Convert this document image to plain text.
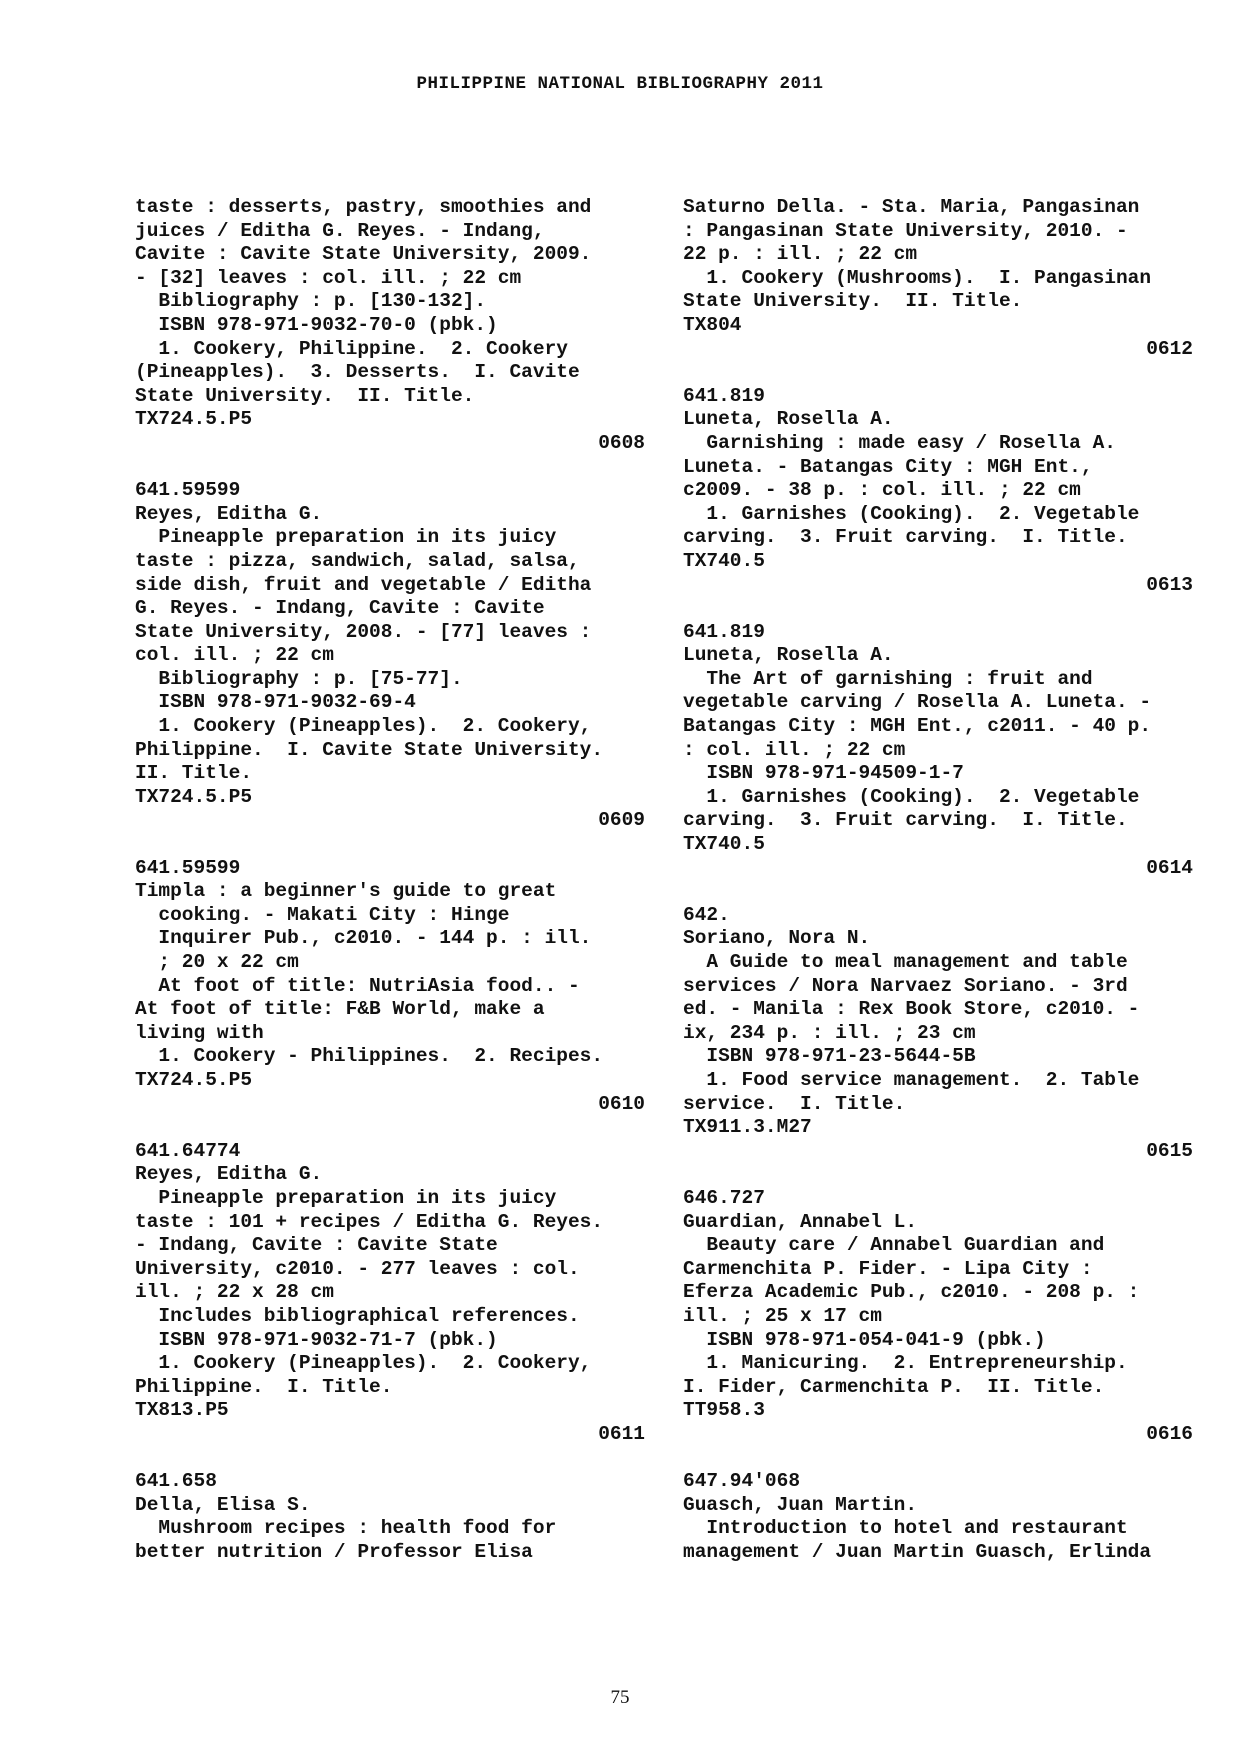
PHILIPPINE NATIONAL BIBLIOGRAPHY 2011
taste : desserts, pastry, smoothies and
juices / Editha G. Reyes. - Indang,
Cavite : Cavite State University, 2009.
- [32] leaves : col. ill. ; 22 cm
Bibliography : p. [130-132].
ISBN 978-971-9032-70-0 (pbk.)
1. Cookery, Philippine.  2. Cookery
(Pineapples).  3. Desserts.  I. Cavite
State University.  II. Title.
TX724.5.P5
0608
641.59599
Reyes, Editha G.
Pineapple preparation in its juicy
taste : pizza, sandwich, salad, salsa,
side dish, fruit and vegetable / Editha
G. Reyes. - Indang, Cavite : Cavite
State University, 2008. - [77] leaves :
col. ill. ; 22 cm
Bibliography : p. [75-77].
ISBN 978-971-9032-69-4
1. Cookery (Pineapples).  2. Cookery,
Philippine.  I. Cavite State University.
II. Title.
TX724.5.P5
0609
641.59599
Timpla : a beginner's guide to great
cooking. - Makati City : Hinge
Inquirer Pub., c2010. - 144 p. : ill.
; 20 x 22 cm
At foot of title: NutriAsia food.. -
At foot of title: F&B World, make a
living with
1. Cookery - Philippines.  2. Recipes.
TX724.5.P5
0610
641.64774
Reyes, Editha G.
Pineapple preparation in its juicy
taste : 101 + recipes / Editha G. Reyes.
- Indang, Cavite : Cavite State
University, c2010. - 277 leaves : col.
ill. ; 22 x 28 cm
Includes bibliographical references.
ISBN 978-971-9032-71-7 (pbk.)
1. Cookery (Pineapples).  2. Cookery,
Philippine.  I. Title.
TX813.P5
0611
641.658
Della, Elisa S.
Mushroom recipes : health food for
better nutrition / Professor Elisa
Saturno Della. - Sta. Maria, Pangasinan
: Pangasinan State University, 2010. -
22 p. : ill. ; 22 cm
1. Cookery (Mushrooms).  I. Pangasinan
State University.  II. Title.
TX804
0612
641.819
Luneta, Rosella A.
Garnishing : made easy / Rosella A.
Luneta. - Batangas City : MGH Ent.,
c2009. - 38 p. : col. ill. ; 22 cm
1. Garnishes (Cooking).  2. Vegetable
carving.  3. Fruit carving.  I. Title.
TX740.5
0613
641.819
Luneta, Rosella A.
The Art of garnishing : fruit and
vegetable carving / Rosella A. Luneta. -
Batangas City : MGH Ent., c2011. - 40 p.
: col. ill. ; 22 cm
ISBN 978-971-94509-1-7
1. Garnishes (Cooking).  2. Vegetable
carving.  3. Fruit carving.  I. Title.
TX740.5
0614
642.
Soriano, Nora N.
A Guide to meal management and table
services / Nora Narvaez Soriano. - 3rd
ed. - Manila : Rex Book Store, c2010. -
ix, 234 p. : ill. ; 23 cm
ISBN 978-971-23-5644-5B
1. Food service management.  2. Table
service.  I. Title.
TX911.3.M27
0615
646.727
Guardian, Annabel L.
Beauty care / Annabel Guardian and
Carmenchita P. Fider. - Lipa City :
Eferza Academic Pub., c2010. - 208 p. :
ill. ; 25 x 17 cm
ISBN 978-971-054-041-9 (pbk.)
1. Manicuring.  2. Entrepreneurship.
I. Fider, Carmenchita P.  II. Title.
TT958.3
0616
647.94'068
Guasch, Juan Martin.
Introduction to hotel and restaurant
management / Juan Martin Guasch, Erlinda
75
